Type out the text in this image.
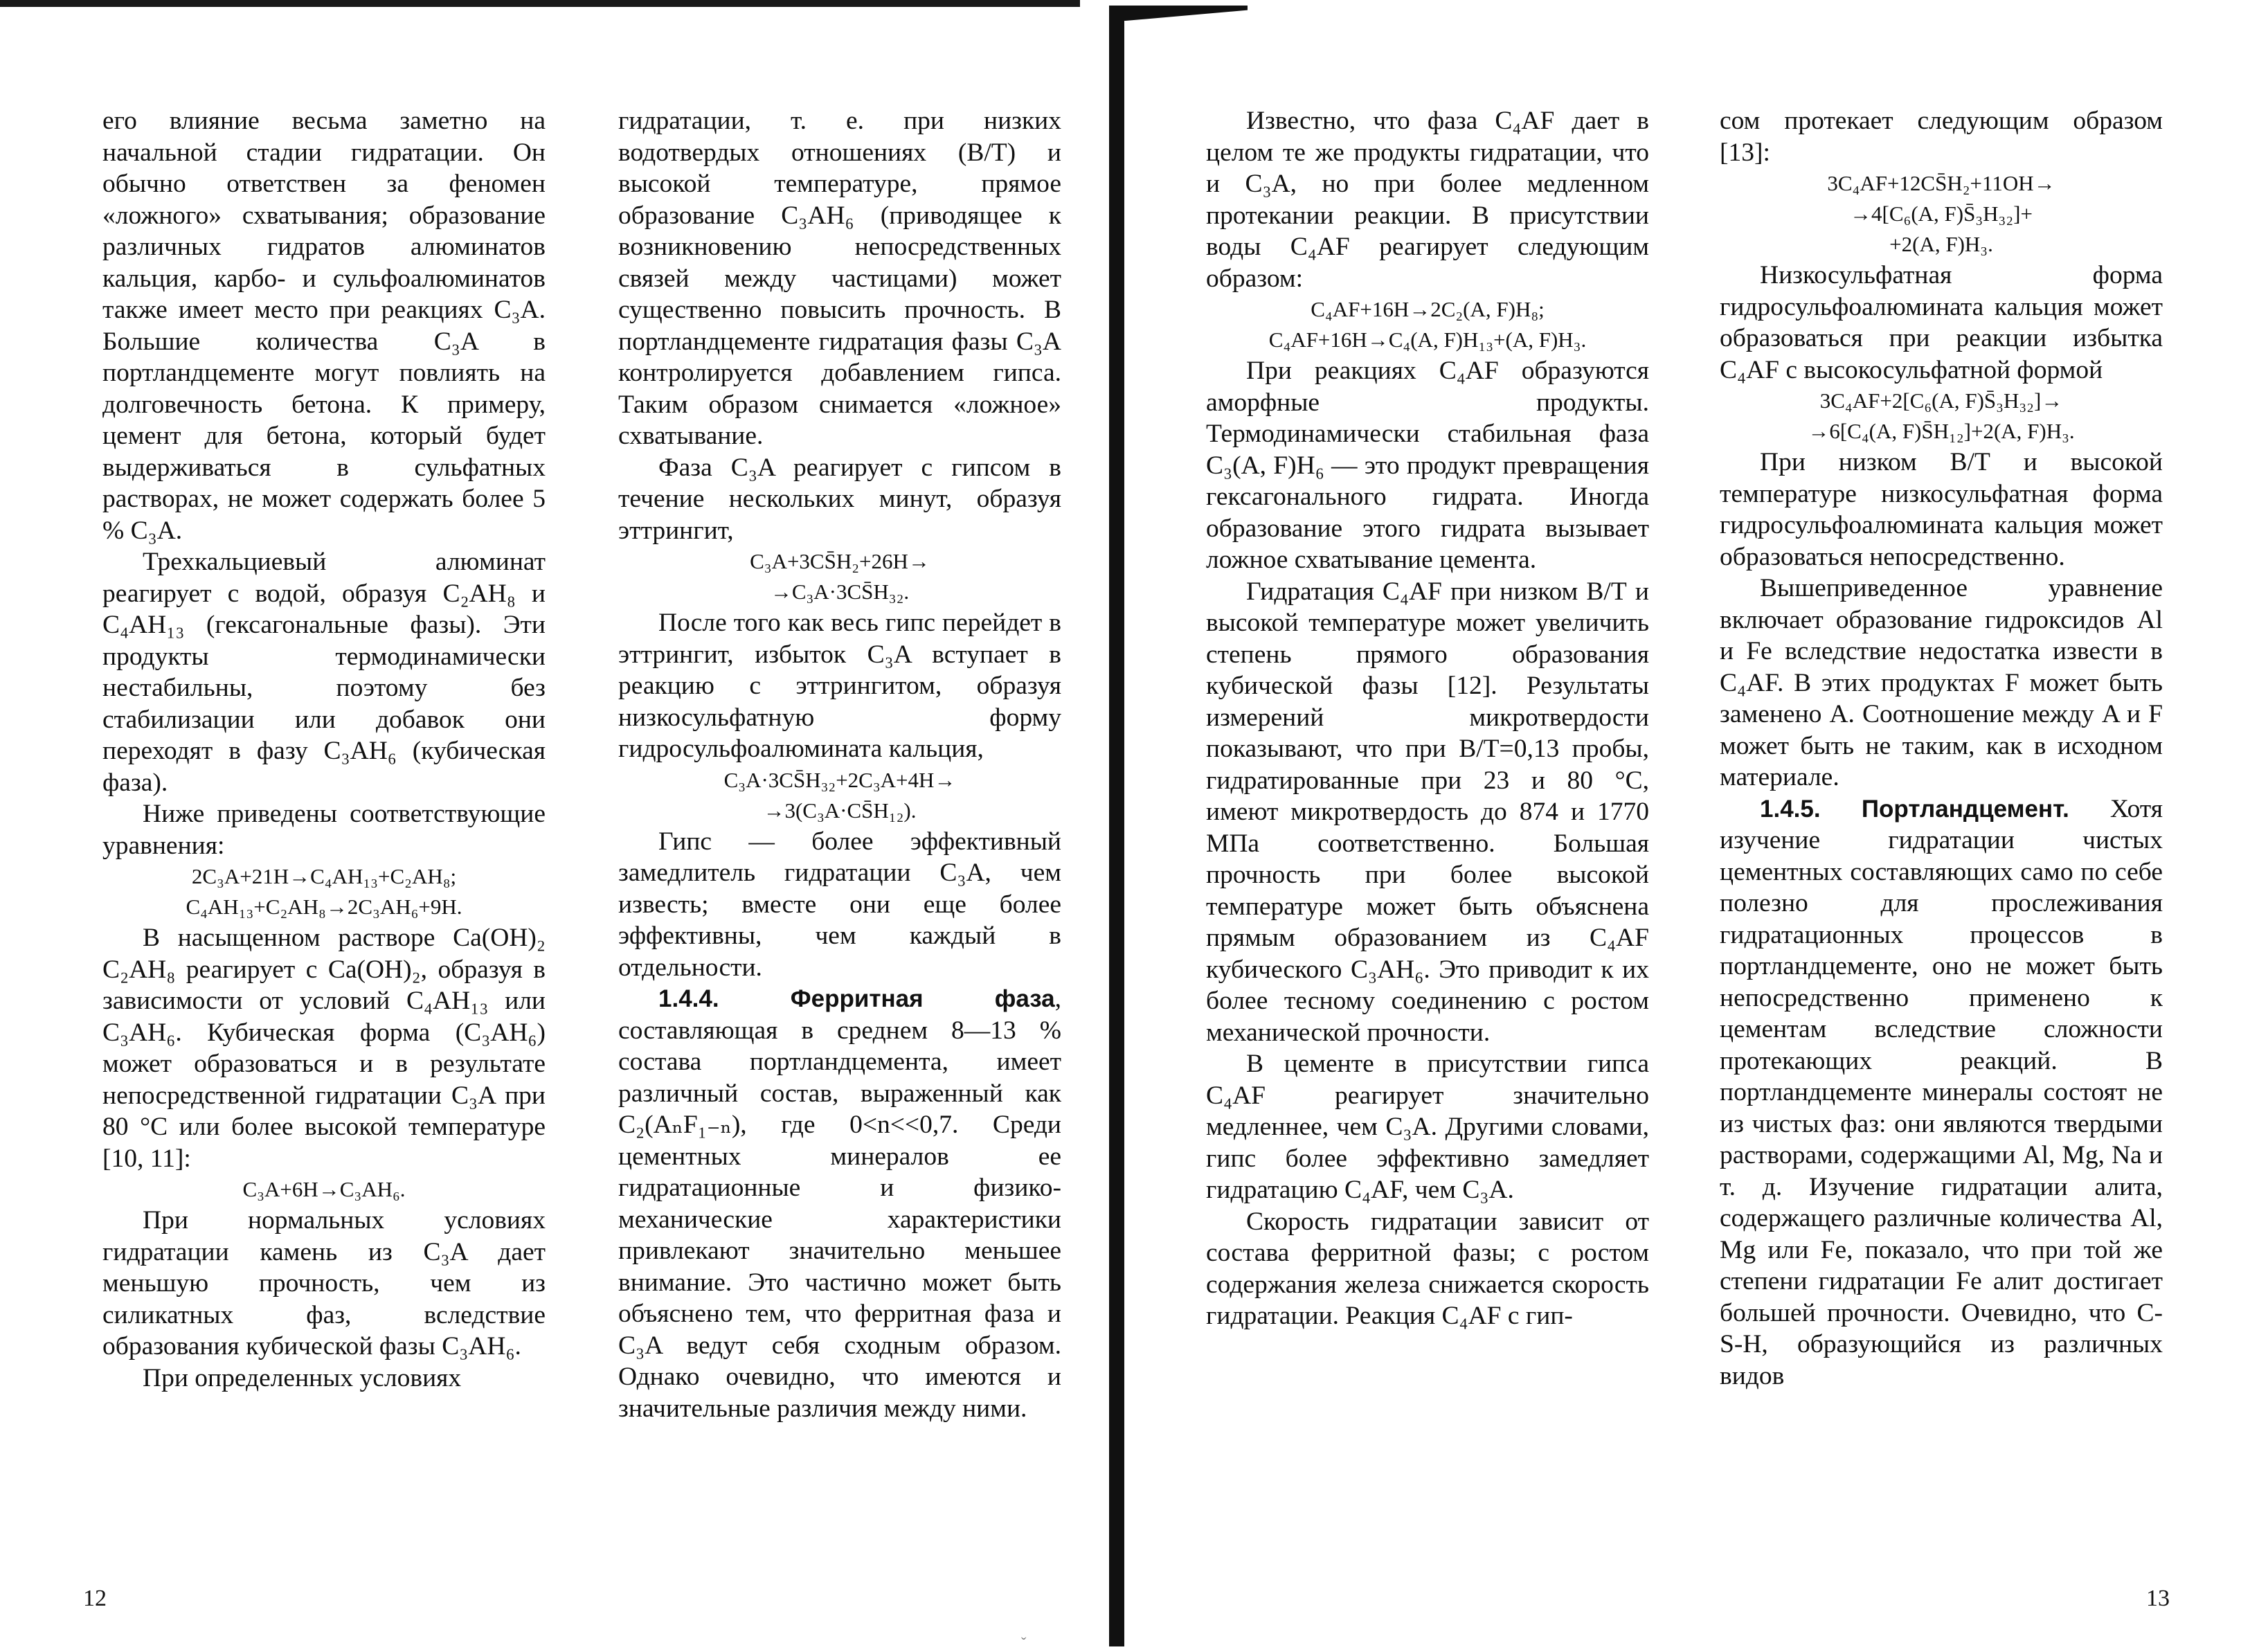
его влияние весьма заметно на начальной стадии гидратации. Он обычно ответствен за феномен «ложного» схватывания; образование различных гидратов алюминатов кальция, карбо- и сульфоалюминатов также имеет место при реакциях C₃A. Большие количества C₃A в портландцементе могут повлиять на долговечность бетона. К примеру, цемент для бетона, который будет выдерживаться в сульфатных растворах, не может содержать более 5 % C₃A.

Трехкальциевый алюминат реагирует с водой, образуя C₂AH₈ и C₄AH₁₃ (гексагональные фазы). Эти продукты термодинамически нестабильны, поэтому без стабилизации или добавок они переходят в фазу C₃AH₆ (кубическая фаза).

Ниже приведены соответствующие уравнения:

2C₃A+21H→C₄AH₁₃+C₂AH₈;

C₄AH₁₃+C₂AH₈→2C₃AH₆+9H.

В насыщенном растворе Ca(OH)₂ C₂AH₈ реагирует с Ca(OH)₂, образуя в зависимости от условий C₄AH₁₃ или C₃AH₆. Кубическая форма (C₃AH₆) может образоваться и в результате непосредственной гидратации C₃A при 80 °C или более высокой температуре [10, 11]:

C₃A+6H→C₃AH₆.

При нормальных условиях гидратации камень из C₃A дает меньшую прочность, чем из силикатных фаз, вследствие образования кубической фазы C₃AH₆.

При определенных условиях

гидратации, т. е. при низких водотвердых отношениях (В/Т) и высокой температуре, прямое образование C₃AH₆ (приводящее к возникновению непосредственных связей между частицами) может существенно повысить прочность. В портландцементе гидратация фазы C₃A контролируется добавлением гипса. Таким образом снимается «ложное» схватывание.

Фаза C₃A реагирует с гипсом в течение нескольких минут, образуя эттрингит,

C₃A+3CS̄H₂+26H→

→C₃A·3CS̄H₃₂.

После того как весь гипс перейдет в эттрингит, избыток C₃A вступает в реакцию с эттрингитом, образуя низкосульфатную форму гидросульфоалюмината кальция,

C₃A·3CS̄H₃₂+2C₃A+4H→

→3(C₃A·CS̄H₁₂).

Гипс — более эффективный замедлитель гидратации C₃A, чем известь; вместе они еще более эффективны, чем каждый в отдельности.

1.4.4. Ферритная фаза, составляющая в среднем 8—13 % состава портландцемента, имеет различный состав, выраженный как C₂(AₙF₁₋ₙ), где 0<n<<0,7. Среди цементных минералов ее гидратационные и физико-механические характеристики привлекают значительно меньшее внимание. Это частично может быть объяснено тем, что ферритная фаза и C₃A ведут себя сходным образом. Однако очевидно, что имеются и значительные различия между ними.

12
ˇ

Известно, что фаза C₄AF дает в целом те же продукты гидратации, что и C₃A, но при более медленном протекании реакции. В присутствии воды C₄AF реагирует следующим образом:

C₄AF+16H→2C₂(A, F)H₈;

C₄AF+16H→C₄(A, F)H₁₃+(A, F)H₃.

При реакциях C₄AF образуются аморфные продукты. Термодинамически стабильная фаза C₃(A, F)H₆ — это продукт превращения гексагонального гидрата. Иногда образование этого гидрата вызывает ложное схватывание цемента.

Гидратация C₄AF при низком В/Т и высокой температуре может увеличить степень прямого образования кубической фазы [12]. Результаты измерений микротвердости показывают, что при В/Т=0,13 пробы, гидратированные при 23 и 80 °C, имеют микротвердость до 874 и 1770 МПа соответственно. Большая прочность при более высокой температуре может быть объяснена прямым образованием из C₄AF кубического C₃AH₆. Это приводит к их более тесному соединению с ростом механической прочности.

В цементе в присутствии гипса C₄AF реагирует значительно медленнее, чем C₃A. Другими словами, гипс более эффективно замедляет гидратацию C₄AF, чем C₃A.

Скорость гидратации зависит от состава ферритной фазы; с ростом содержания железа снижается скорость гидратации. Реакция C₄AF с гип-

сом протекает следующим образом [13]:

3C₄AF+12CS̄H₂+11OH→

→4[C₆(A, F)S̄₃H₃₂]+

+2(A, F)H₃.

Низкосульфатная форма гидросульфоалюмината кальция может образоваться при реакции избытка C₄AF с высокосульфатной формой

3C₄AF+2[C₆(A, F)S̄₃H₃₂]→

→6[C₄(A, F)S̄H₁₂]+2(A, F)H₃.

При низком В/Т и высокой температуре низкосульфатная форма гидросульфоалюмината кальция может образоваться непосредственно.

Вышеприведенное уравнение включает образование гидроксидов Al и Fe вследствие недостатка извести в C₄AF. В этих продуктах F может быть заменено A. Соотношение между A и F может быть не таким, как в исходном материале.

1.4.5. Портландцемент. Хотя изучение гидратации чистых цементных составляющих само по себе полезно для прослеживания гидратационных процессов в портландцементе, оно не может быть непосредственно применено к цементам вследствие сложности протекающих реакций. В портландцементе минералы состоят не из чистых фаз: они являются твердыми растворами, содержащими Al, Mg, Na и т. д. Изучение гидратации алита, содержащего различные количества Al, Mg или Fe, показало, что при той же степени гидратации Fe алит достигает большей прочности. Очевидно, что C-S-H, образующийся из различных видов

13
